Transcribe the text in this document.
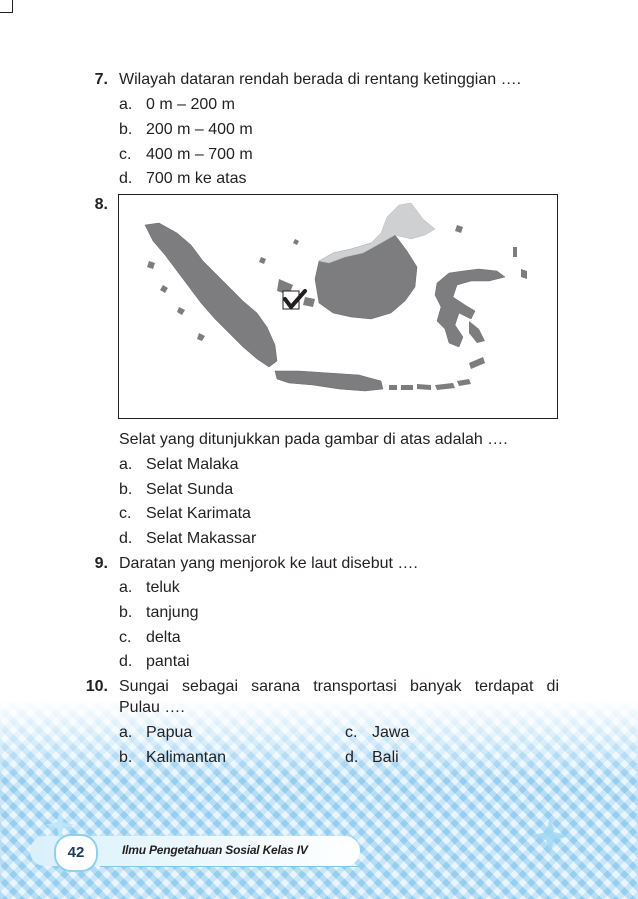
7. Wilayah dataran rendah berada di rentang ketinggian ….
a. 0 m – 200 m
b. 200 m – 400 m
c. 400 m – 700 m
d. 700 m ke atas
8.
Selat yang ditunjukkan pada gambar di atas adalah ….
a. Selat Malaka
b. Selat Sunda
c. Selat Karimata
d. Selat Makassar
9. Daratan yang menjorok ke laut disebut ….
a. teluk
b. tanjung
c. delta
d. pantai
10. Sungai sebagai sarana transportasi banyak terdapat di
Pulau ….
a. Papua
b. Kalimantan
c. Jawa
d. Bali
42	Ilmu Pengetahuan Sosial Kelas IV
